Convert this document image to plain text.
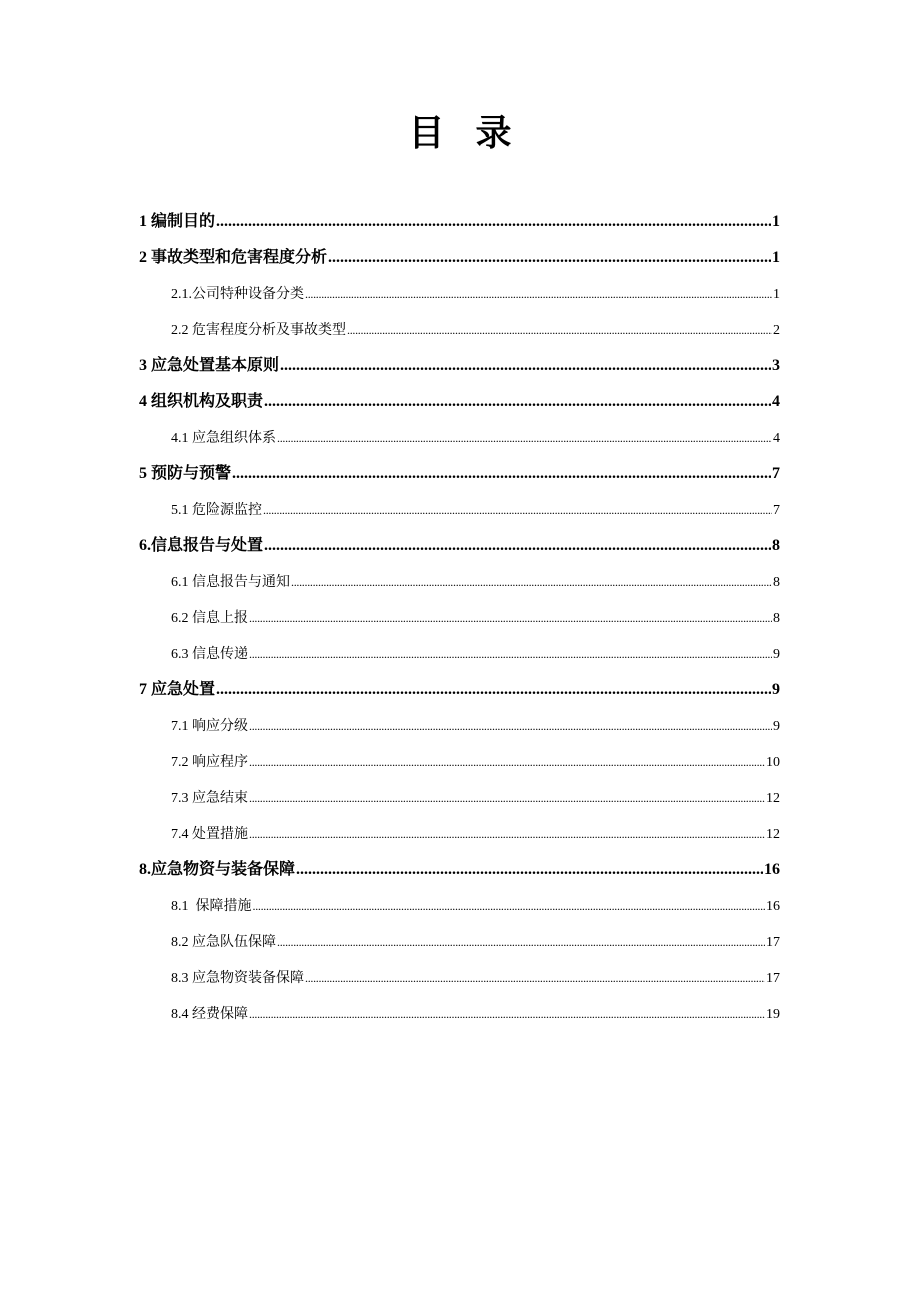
目 录
1 编制目的 .....	1
2 事故类型和危害程度分析 .....	1
2.1.公司特种设备分类 .....	1
2.2 危害程度分析及事故类型 .....	2
3 应急处置基本原则 .....	3
4 组织机构及职责 .....	4
4.1 应急组织体系 .....	4
5 预防与预警 .....	7
5.1 危险源监控 .....	7
6.信息报告与处置 .....	8
6.1 信息报告与通知 .....	8
6.2 信息上报 .....	8
6.3 信息传递 .....	9
7 应急处置 .....	9
7.1 响应分级 .....	9
7.2 响应程序 .....	10
7.3 应急结束 .....	12
7.4 处置措施 .....	12
8.应急物资与装备保障 .....	16
8.1  保障措施 .....	16
8.2 应急队伍保障 .....	17
8.3 应急物资装备保障 .....	17
8.4 经费保障 .....	19
